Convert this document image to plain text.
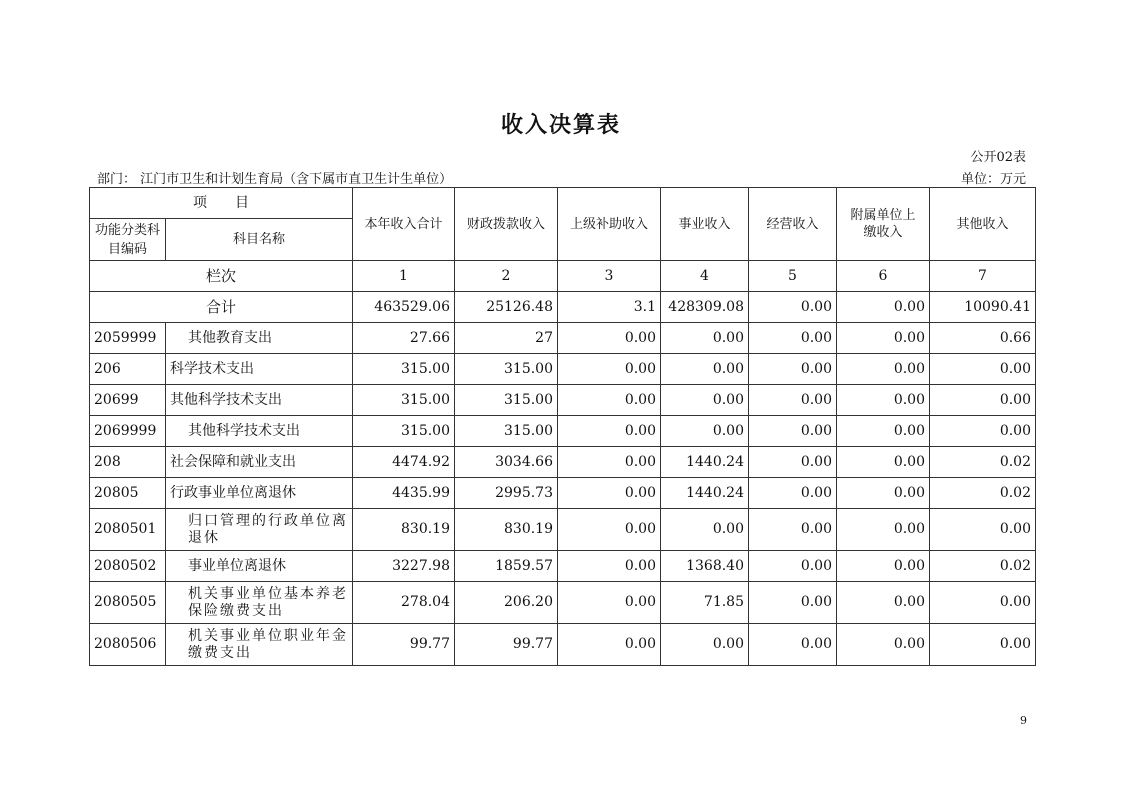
收入决算表
公开02表
部门： 江门市卫生和计划生育局（含下属市直卫生计生单位）	单位：万元
项　　目		本年收入合计	财政拨款收入	上级补助收入	事业收入	经营收入	附属单位上缴收入	其他收入
功能分类科目编码	科目名称							
栏次		1	2	3	4	5	6	7
合计		463529.06	25126.48	3.1	428309.08	0.00	0.00	10090.41
2059999	其他教育支出	27.66	27	0.00	0.00	0.00	0.00	0.66
206	科学技术支出	315.00	315.00	0.00	0.00	0.00	0.00	0.00
20699	其他科学技术支出	315.00	315.00	0.00	0.00	0.00	0.00	0.00
2069999	其他科学技术支出	315.00	315.00	0.00	0.00	0.00	0.00	0.00
208	社会保障和就业支出	4474.92	3034.66	0.00	1440.24	0.00	0.00	0.02
20805	行政事业单位离退休	4435.99	2995.73	0.00	1440.24	0.00	0.00	0.02
2080501	归口管理的行政单位离退休	830.19	830.19	0.00	0.00	0.00	0.00	0.00
2080502	事业单位离退休	3227.98	1859.57	0.00	1368.40	0.00	0.00	0.02
2080505	机关事业单位基本养老保险缴费支出	278.04	206.20	0.00	71.85	0.00	0.00	0.00
2080506	机关事业单位职业年金缴费支出	99.77	99.77	0.00	0.00	0.00	0.00	0.00
9
